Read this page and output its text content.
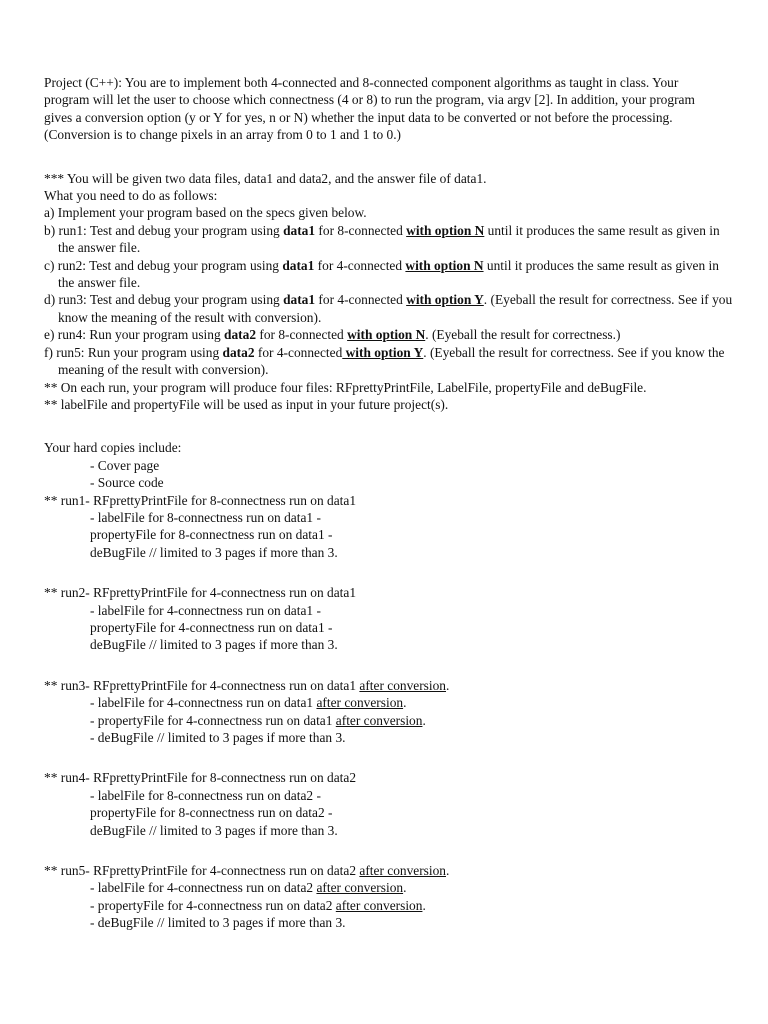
Project (C++): You are to implement both 4-connected and 8-connected component algorithms as taught in class. Your
program will let the user to choose which connectness (4 or 8) to run the program, via argv [2]. In addition, your program
gives a conversion option (y or Y for yes, n or N) whether the input data to be converted or not before the processing.
(Conversion is to change pixels in an array from 0 to 1 and 1 to 0.)
*** You will be given two data files, data1 and data2, and the answer file of data1.
What you need to do as follows:
a) Implement your program based on the specs given below.
b) run1: Test and debug your program using data1 for 8-connected with option N until it produces the same result as given in the answer file.
c) run2: Test and debug your program using data1 for 4-connected with option N until it produces the same result as given in the answer file.
d) run3: Test and debug your program using data1 for 4-connected with option Y. (Eyeball the result for correctness. See if you know the meaning of the result with conversion).
e) run4: Run your program using data2 for 8-connected with option N. (Eyeball the result for correctness.)
f) run5: Run your program using data2 for 4-connected with option Y. (Eyeball the result for correctness. See if you know the meaning of the result with conversion).
** On each run, your program will produce four files: RFprettyPrintFile, LabelFile, propertyFile and deBugFile.
** labelFile and propertyFile will be used as input in your future project(s).
Your hard copies include:
- Cover page
- Source code
** run1- RFprettyPrintFile for 8-connectness run on data1
- labelFile for 8-connectness run on data1 -
propertyFile for 8-connectness run on data1 -
deBugFile // limited to 3 pages if more than 3.
** run2- RFprettyPrintFile for 4-connectness run on data1
- labelFile for 4-connectness run on data1 -
propertyFile for 4-connectness run on data1 -
deBugFile // limited to 3 pages if more than 3.
** run3- RFprettyPrintFile for 4-connectness run on data1 after conversion.
- labelFile for 4-connectness run on data1 after conversion.
- propertyFile for 4-connectness run on data1 after conversion.
- deBugFile // limited to 3 pages if more than 3.
** run4- RFprettyPrintFile for 8-connectness run on data2
- labelFile for 8-connectness run on data2 -
propertyFile for 8-connectness run on data2 -
deBugFile // limited to 3 pages if more than 3.
** run5- RFprettyPrintFile for 4-connectness run on data2 after conversion.
- labelFile for 4-connectness run on data2 after conversion.
- propertyFile for 4-connectness run on data2 after conversion.
- deBugFile // limited to 3 pages if more than 3.
